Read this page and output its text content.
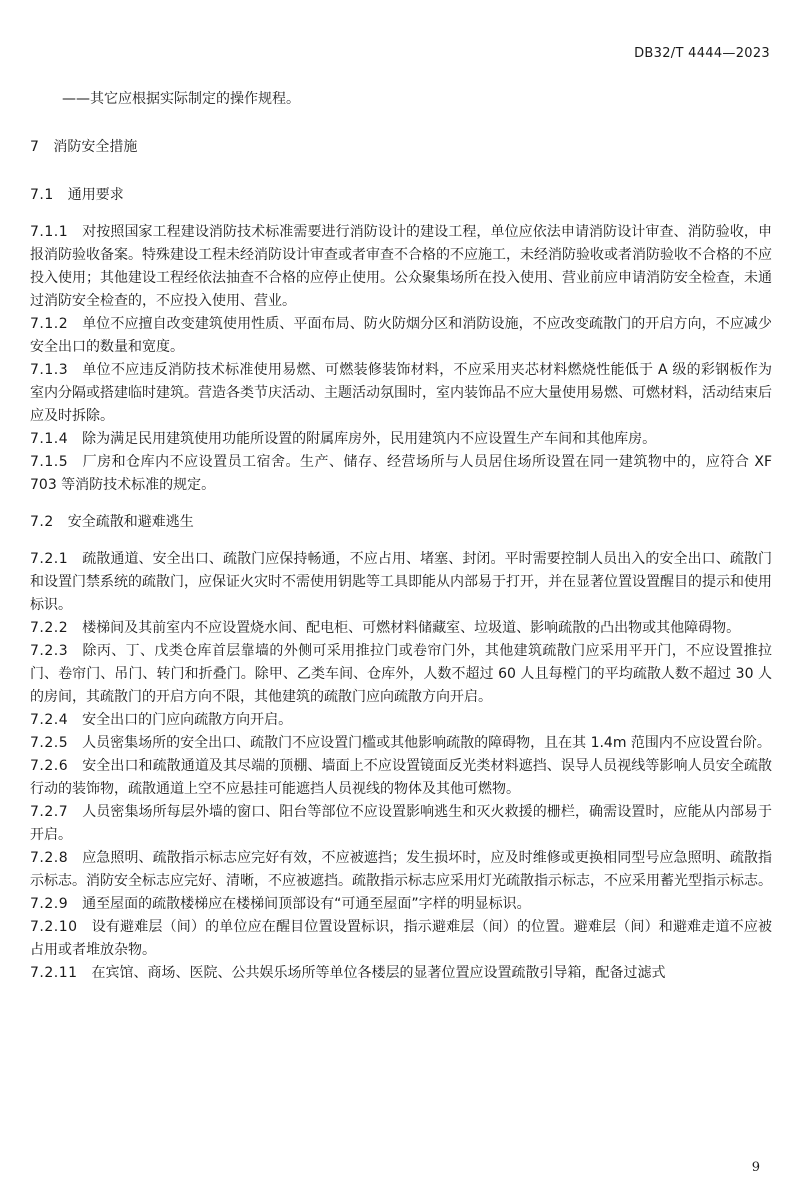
DB32/T 4444—2023

——其它应根据实际制定的操作规程。

7 消防安全措施
7.1 通用要求

7.1.1 对按照国家工程建设消防技术标准需要进行消防设计的建设工程，单位应依法申请消防设计审查、消防验收，申报消防验收备案。特殊建设工程未经消防设计审查或者审查不合格的不应施工，未经消防验收或者消防验收不合格的不应投入使用；其他建设工程经依法抽查不合格的应停止使用。公众聚集场所在投入使用、营业前应申请消防安全检查，未通过消防安全检查的，不应投入使用、营业。

7.1.2 单位不应擅自改变建筑使用性质、平面布局、防火防烟分区和消防设施，不应改变疏散门的开启方向，不应减少安全出口的数量和宽度。

7.1.3 单位不应违反消防技术标准使用易燃、可燃装修装饰材料，不应采用夹芯材料燃烧性能低于 A 级的彩钢板作为室内分隔或搭建临时建筑。营造各类节庆活动、主题活动氛围时，室内装饰品不应大量使用易燃、可燃材料，活动结束后应及时拆除。

7.1.4 除为满足民用建筑使用功能所设置的附属库房外，民用建筑内不应设置生产车间和其他库房。

7.1.5 厂房和仓库内不应设置员工宿舍。生产、储存、经营场所与人员居住场所设置在同一建筑物中的，应符合 XF 703 等消防技术标准的规定。

7.2 安全疏散和避难逃生

7.2.1 疏散通道、安全出口、疏散门应保持畅通，不应占用、堵塞、封闭。平时需要控制人员出入的安全出口、疏散门和设置门禁系统的疏散门，应保证火灾时不需使用钥匙等工具即能从内部易于打开，并在显著位置设置醒目的提示和使用标识。

7.2.2 楼梯间及其前室内不应设置烧水间、配电柜、可燃材料储藏室、垃圾道、影响疏散的凸出物或其他障碍物。

7.2.3 除丙、丁、戊类仓库首层靠墙的外侧可采用推拉门或卷帘门外，其他建筑疏散门应采用平开门，不应设置推拉门、卷帘门、吊门、转门和折叠门。除甲、乙类车间、仓库外，人数不超过 60 人且每樘门的平均疏散人数不超过 30 人的房间，其疏散门的开启方向不限，其他建筑的疏散门应向疏散方向开启。

7.2.4 安全出口的门应向疏散方向开启。

7.2.5 人员密集场所的安全出口、疏散门不应设置门槛或其他影响疏散的障碍物，且在其 1.4m 范围内不应设置台阶。

7.2.6 安全出口和疏散通道及其尽端的顶棚、墙面上不应设置镜面反光类材料遮挡、误导人员视线等影响人员安全疏散行动的装饰物，疏散通道上空不应悬挂可能遮挡人员视线的物体及其他可燃物。

7.2.7 人员密集场所每层外墙的窗口、阳台等部位不应设置影响逃生和灭火救援的栅栏，确需设置时，应能从内部易于开启。

7.2.8 应急照明、疏散指示标志应完好有效，不应被遮挡；发生损坏时，应及时维修或更换相同型号应急照明、疏散指示标志。消防安全标志应完好、清晰，不应被遮挡。疏散指示标志应采用灯光疏散指示标志，不应采用蓄光型指示标志。

7.2.9 通至屋面的疏散楼梯应在楼梯间顶部设有“可通至屋面”字样的明显标识。

7.2.10 设有避难层（间）的单位应在醒目位置设置标识，指示避难层（间）的位置。避难层（间）和避难走道不应被占用或者堆放杂物。

7.2.11 在宾馆、商场、医院、公共娱乐场所等单位各楼层的显著位置应设置疏散引导箱，配备过滤式

9
